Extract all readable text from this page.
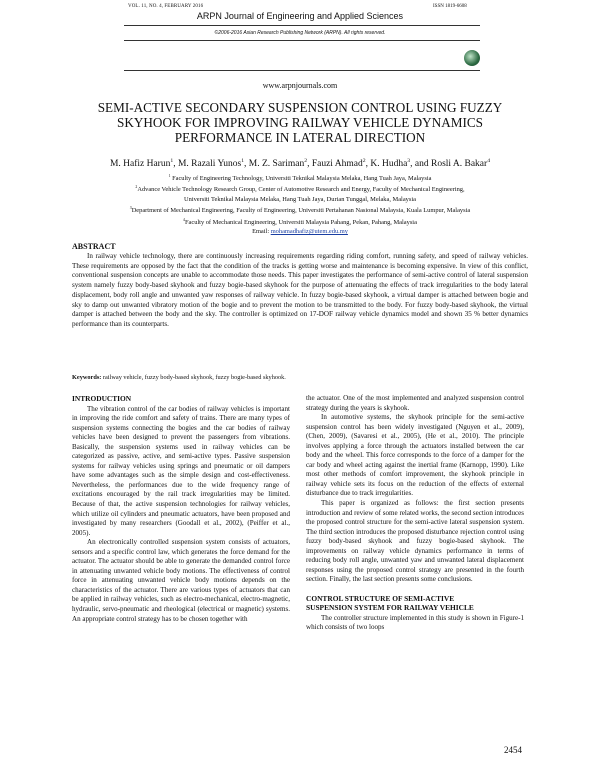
VOL. 11, NO. 4, FEBRUARY 2016	ISSN 1819-6608
ARPN Journal of Engineering and Applied Sciences
©2006-2016 Asian Research Publishing Network (ARPN). All rights reserved.
www.arpnjournals.com
SEMI-ACTIVE SECONDARY SUSPENSION CONTROL USING FUZZY
SKYHOOK FOR IMPROVING RAILWAY VEHICLE DYNAMICS
PERFORMANCE IN LATERAL DIRECTION
M. Hafiz Harun$^1$, M. Razali Yunos$^1$, M. Z. Sariman$^2$, Fauzi Ahmad$^2$, K. Hudha$^3$, and Rosli A. Bakar$^4$
$^1$ Faculty of Engineering Technology, Universiti Teknikal Malaysia Melaka, Hang Tuah Jaya, Malaysia
$^2$Advance Vehicle Technology Research Group, Center of Automotive Research and Energy, Faculty of Mechanical Engineering,
Universiti Teknikal Malaysia Melaka, Hang Tuah Jaya, Durian Tunggal, Melaka, Malaysia
$^3$Department of Mechanical Engineering, Faculty of Engineering, Universiti Pertahanan Nasional Malaysia, Kuala Lumpur, Malaysia
$^4$Faculty of Mechanical Engineering, Universiti Malaysia Pahang, Pekan, Pahang, Malaysia
Email: mohamadhafiz@utem.edu.my
ABSTRACT
In railway vehicle technology, there are continuously increasing requirements regarding riding comfort, running safety, and speed of railway vehicles. These requirements are opposed by the fact that the condition of the tracks is getting worse and maintenance is becoming expensive. In view of this conflict, conventional suspension concepts are unable to accommodate those needs. This paper investigates the performance of semi-active control of lateral suspension system namely fuzzy body-based skyhook and fuzzy bogie-based skyhook for the purpose of attenuating the effects of track irregularities to the body lateral displacement, body roll angle and unwanted yaw responses of railway vehicle. In fuzzy bogie-based skyhook, a virtual damper is attached between bogie and sky to damp out unwanted vibratory motion of the bogie and to prevent the motion to be transmitted to the body. For fuzzy body-based skyhook, the virtual damper is attached between the body and the sky. The controller is optimized on 17-DOF railway vehicle dynamics model and shown 35 % better dynamics performance than its counterparts.
Keywords: railway vehicle, fuzzy body-based skyhook, fuzzy bogie-based skyhook.
INTRODUCTION

The vibration control of the car bodies of railway vehicles is important in improving the ride comfort and safety of trains. There are many types of suspension systems connecting the bogies and the car bodies of railway vehicles have been designed to prevent the passengers from vibrations. Basically, the suspension systems used in railway vehicles can be categorized as passive, active, and semi-active types. Passive suspension systems for railway vehicles using springs and pneumatic or oil dampers have some advantages such as the simple design and cost-effectiveness. Nevertheless, the performances due to the wide frequency range of excitations encouraged by the rail track irregularities may be limited. Because of that, the active suspension technologies for railway vehicles, which utilize oil cylinders and pneumatic actuators, have been proposed and investigated by many researchers (Goodall et al., 2002), (Peiffer et al., 2005).

An electronically controlled suspension system consists of actuators, sensors and a specific control law, which generates the force demand for the actuator. The actuator should be able to generate the demanded control force in attenuating unwanted vehicle body motions. The effectiveness of control force in attenuating unwanted vehicle body motions depends on the characteristics of the actuator. There are various types of actuators that can be applied in railway vehicles, such as electro-mechanical, electro-magnetic, hydraulic, servo-pneumatic and rheological (electrical or magnetic) systems. An appropriate control strategy has to be chosen together with

the actuator. One of the most implemented and analyzed suspension control strategy during the years is skyhook.

In automotive systems, the skyhook principle for the semi-active suspension control has been widely investigated (Nguyen et al., 2009), (Chen, 2009), (Savaresi et al., 2005), (He et al., 2010). The principle involves applying a force through the actuators installed between the car body and the wheel. This force corresponds to the force of a damper for the car body and wheel acting against the inertial frame (Karnopp, 1990). Like most other methods of comfort improvement, the skyhook principle in railway vehicle sets its focus on the reduction of the effects of external disturbance due to track irregularities.

This paper is organized as follows: the first section presents introduction and review of some related works, the second section introduces the proposed control structure for the semi-active lateral suspension system. The third section introduces the proposed disturbance rejection control using fuzzy body-based skyhook and fuzzy bogie-based skyhook. The improvements on railway vehicle dynamics performance in terms of reducing body roll angle, unwanted yaw and unwanted lateral displacement responses using the proposed control strategy are presented in the fourth section. Finally, the last section presents some conclusions.

CONTROL STRUCTURE OF SEMI-ACTIVE
SUSPENSION SYSTEM FOR RAILWAY VEHICLE

The controller structure implemented in this study is shown in Figure-1 which consists of two loops

2454
